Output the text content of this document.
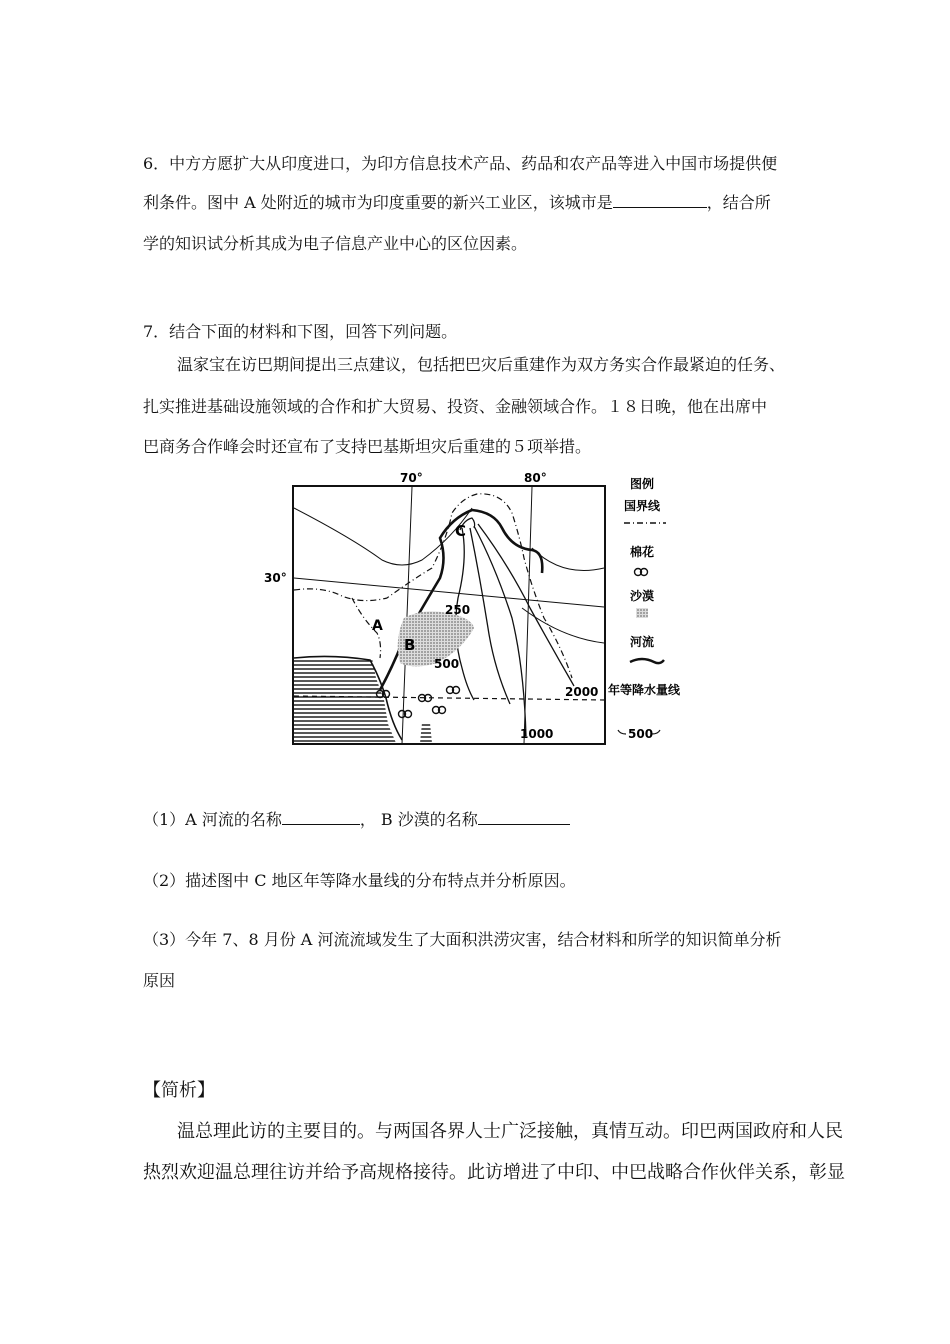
6．中方方愿扩大从印度进口，为印方信息技术产品、药品和农产品等进入中国市场提供便
利条件。图中 A 处附近的城市为印度重要的新兴工业区，该城市是	，结合所
学的知识试分析其成为电子信息产业中心的区位因素。
7．结合下面的材料和下图，回答下列问题。
温家宝在访巴期间提出三点建议，包括把巴灾后重建作为双方务实合作最紧迫的任务、
扎实推进基础设施领域的合作和扩大贸易、投资、金融领域合作。１８日晚，他在出席中
巴商务合作峰会时还宣布了支持巴基斯坦灾后重建的５项举措。
70°	80°
30°
A
B
C
250
500
1000
2000
图例
国界线
棉花
沙漠
河流
年等降水量线
500
（1）A 河流的名称	， B 沙漠的名称
（2）描述图中 C 地区年等降水量线的分布特点并分析原因。
（3）今年 7、8 月份 A 河流流域发生了大面积洪涝灾害，结合材料和所学的知识简单分析
原因
【简析】
温总理此访的主要目的。与两国各界人士广泛接触，真情互动。印巴两国政府和人民
热烈欢迎温总理往访并给予高规格接待。此访增进了中印、中巴战略合作伙伴关系，彰显
